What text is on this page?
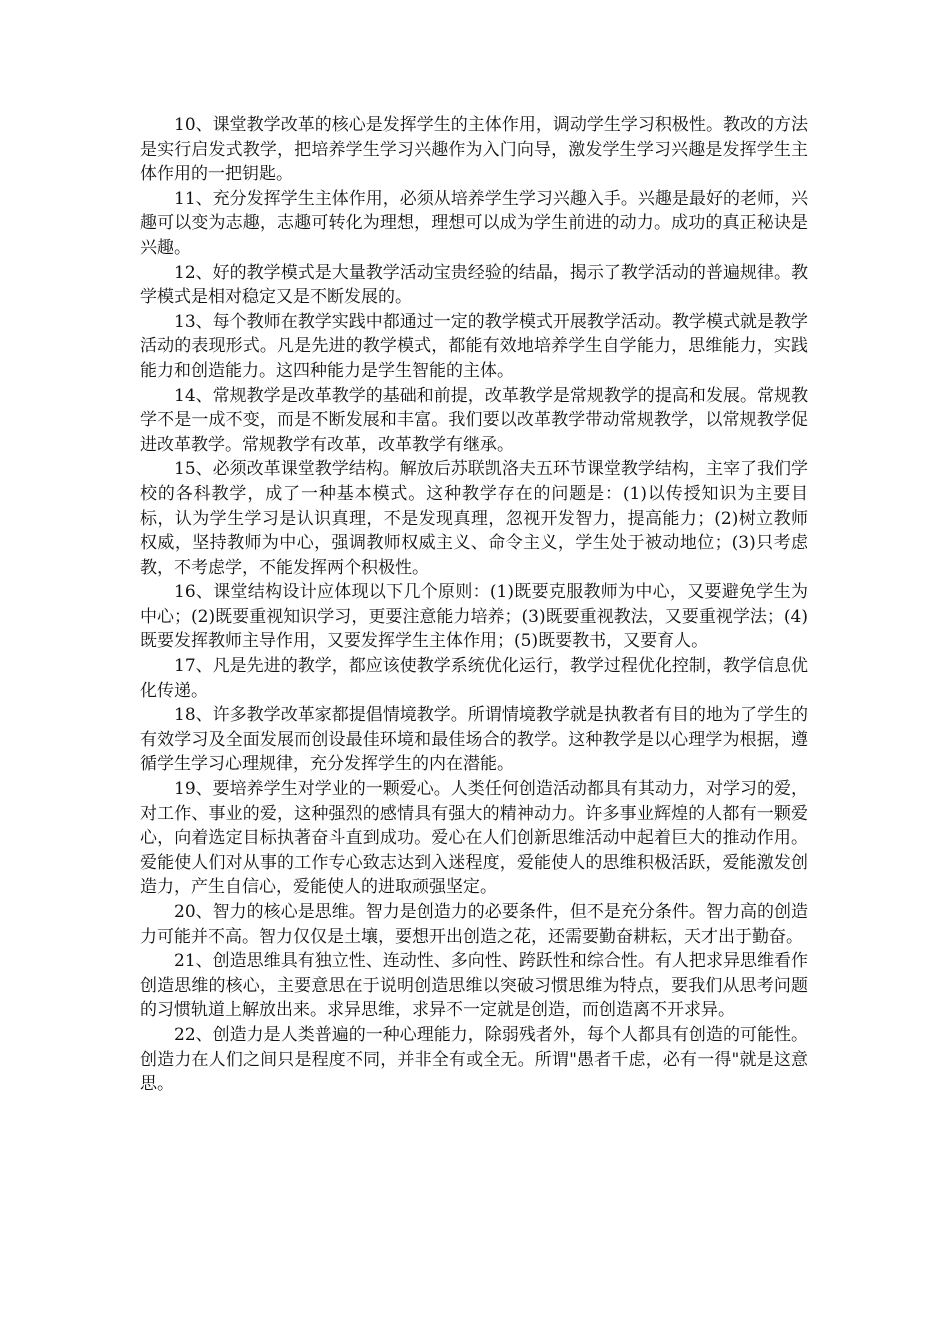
10、课堂教学改革的核心是发挥学生的主体作用，调动学生学习积极性。教改的方法是实行启发式教学，把培养学生学习兴趣作为入门向导，激发学生学习兴趣是发挥学生主体作用的一把钥匙。

11、充分发挥学生主体作用，必须从培养学生学习兴趣入手。兴趣是最好的老师，兴趣可以变为志趣，志趣可转化为理想，理想可以成为学生前进的动力。成功的真正秘诀是兴趣。

12、好的教学模式是大量教学活动宝贵经验的结晶，揭示了教学活动的普遍规律。教学模式是相对稳定又是不断发展的。

13、每个教师在教学实践中都通过一定的教学模式开展教学活动。教学模式就是教学活动的表现形式。凡是先进的教学模式，都能有效地培养学生自学能力，思维能力，实践能力和创造能力。这四种能力是学生智能的主体。

14、常规教学是改革教学的基础和前提，改革教学是常规教学的提高和发展。常规教学不是一成不变，而是不断发展和丰富。我们要以改革教学带动常规教学，以常规教学促进改革教学。常规教学有改革，改革教学有继承。

15、必须改革课堂教学结构。解放后苏联凯洛夫五环节课堂教学结构，主宰了我们学校的各科教学，成了一种基本模式。这种教学存在的问题是：(1)以传授知识为主要目标，认为学生学习是认识真理，不是发现真理，忽视开发智力，提高能力；(2)树立教师权威，坚持教师为中心，强调教师权威主义、命令主义，学生处于被动地位；(3)只考虑教，不考虑学，不能发挥两个积极性。

16、课堂结构设计应体现以下几个原则：(1)既要克服教师为中心，又要避免学生为中心；(2)既要重视知识学习，更要注意能力培养；(3)既要重视教法，又要重视学法；(4)既要发挥教师主导作用，又要发挥学生主体作用；(5)既要教书，又要育人。

17、凡是先进的教学，都应该使教学系统优化运行，教学过程优化控制，教学信息优化传递。

18、许多教学改革家都提倡情境教学。所谓情境教学就是执教者有目的地为了学生的有效学习及全面发展而创设最佳环境和最佳场合的教学。这种教学是以心理学为根据，遵循学生学习心理规律，充分发挥学生的内在潜能。

19、要培养学生对学业的一颗爱心。人类任何创造活动都具有其动力，对学习的爱，对工作、事业的爱，这种强烈的感情具有强大的精神动力。许多事业辉煌的人都有一颗爱心，向着选定目标执著奋斗直到成功。爱心在人们创新思维活动中起着巨大的推动作用。爱能使人们对从事的工作专心致志达到入迷程度，爱能使人的思维积极活跃，爱能激发创造力，产生自信心，爱能使人的进取顽强坚定。

20、智力的核心是思维。智力是创造力的必要条件，但不是充分条件。智力高的创造力可能并不高。智力仅仅是土壤，要想开出创造之花，还需要勤奋耕耘，天才出于勤奋。

21、创造思维具有独立性、连动性、多向性、跨跃性和综合性。有人把求异思维看作创造思维的核心，主要意思在于说明创造思维以突破习惯思维为特点，要我们从思考问题的习惯轨道上解放出来。求异思维，求异不一定就是创造，而创造离不开求异。

22、创造力是人类普遍的一种心理能力，除弱残者外，每个人都具有创造的可能性。创造力在人们之间只是程度不同，并非全有或全无。所谓"愚者千虑，必有一得"就是这意思。
